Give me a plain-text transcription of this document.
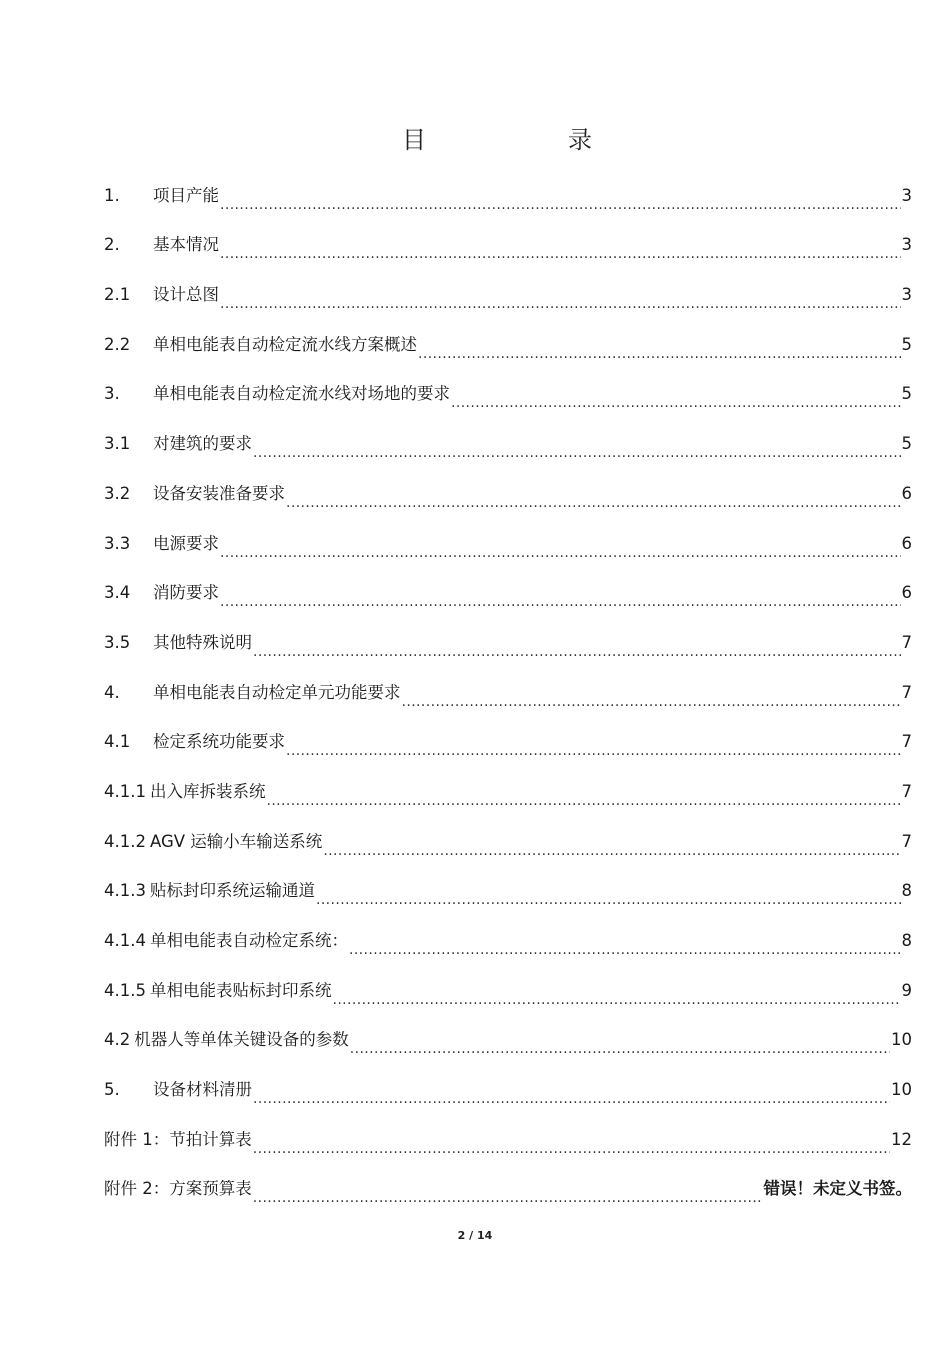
目	录
1.	项目产能 .....	3
2.	基本情况 .....	3
2.1	设计总图 .....	3
2.2	单相电能表自动检定流水线方案概述 .....	5
3.	单相电能表自动检定流水线对场地的要求 .....	5
3.1	对建筑的要求 .....	5
3.2	设备安装准备要求 .....	6
3.3	电源要求 .....	6
3.4	消防要求 .....	6
3.5	其他特殊说明 .....	7
4.	单相电能表自动检定单元功能要求 .....	7
4.1	检定系统功能要求 .....	7
4.1.1 出入库拆装系统 .....	7
4.1.2 AGV 运输小车输送系统 .....	7
4.1.3 贴标封印系统运输通道 .....	8
4.1.4 单相电能表自动检定系统： .....	8
4.1.5 单相电能表贴标封印系统 .....	9
4.2 机器人等单体关键设备的参数 .....	10
5.	设备材料清册 .....	10
附件 1：节拍计算表 .....	12
附件 2：方案预算表 .....	错误！未定义书签。
2 / 14
